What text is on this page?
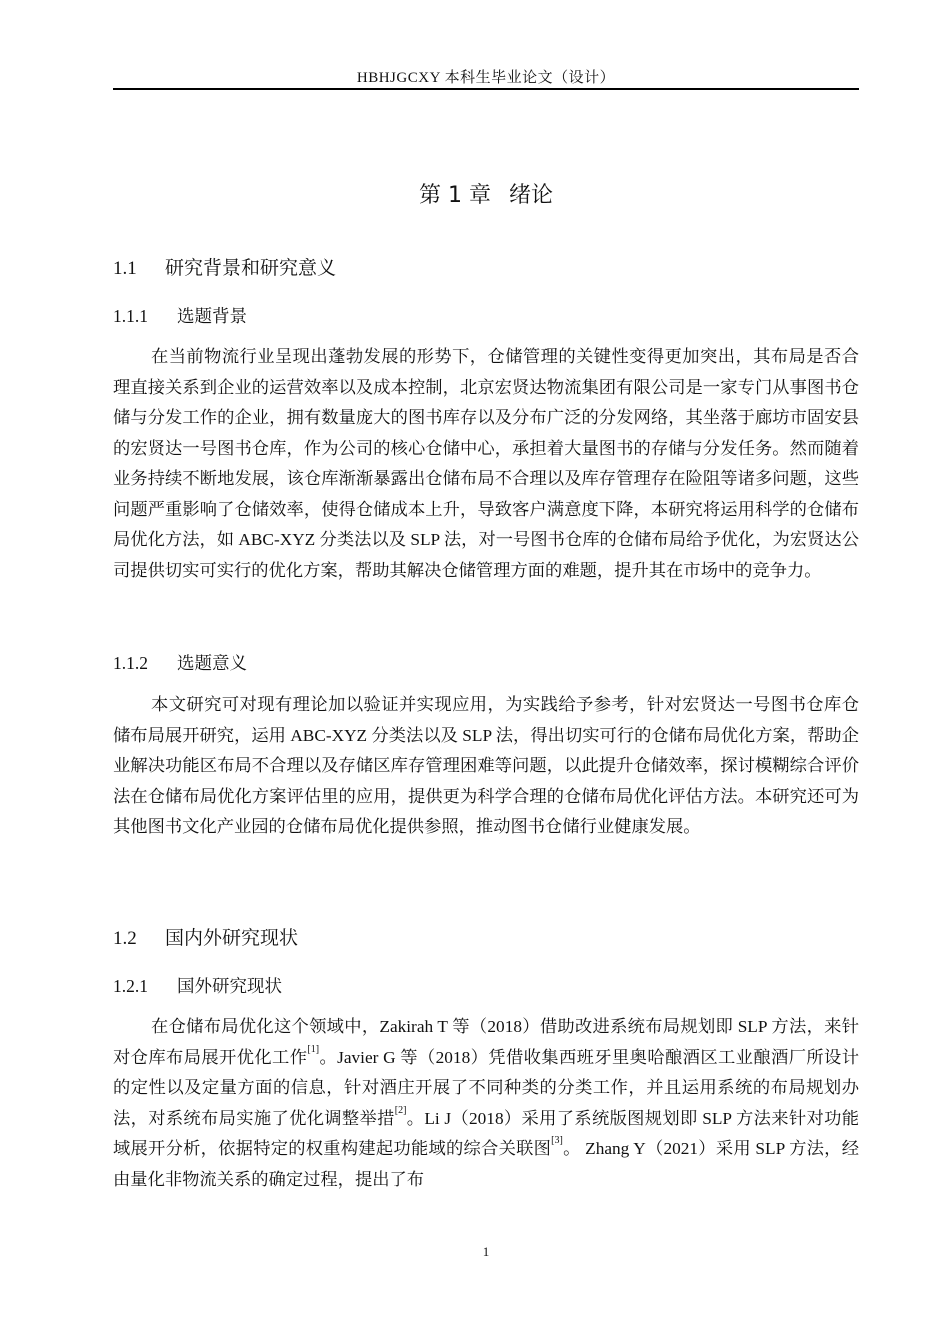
HBHJGCXY 本科生毕业论文（设计）
第 1 章 绪论
1.1 研究背景和研究意义
1.1.1 选题背景
在当前物流行业呈现出蓬勃发展的形势下，仓储管理的关键性变得更加突出，其布局是否合理直接关系到企业的运营效率以及成本控制，北京宏贤达物流集团有限公司是一家专门从事图书仓储与分发工作的企业，拥有数量庞大的图书库存以及分布广泛的分发网络，其坐落于廊坊市固安县的宏贤达一号图书仓库，作为公司的核心仓储中心，承担着大量图书的存储与分发任务。然而随着业务持续不断地发展，该仓库渐渐暴露出仓储布局不合理以及库存管理存在险阻等诸多问题，这些问题严重影响了仓储效率，使得仓储成本上升，导致客户满意度下降，本研究将运用科学的仓储布局优化方法，如 ABC-XYZ 分类法以及 SLP 法，对一号图书仓库的仓储布局给予优化，为宏贤达公司提供切实可实行的优化方案，帮助其解决仓储管理方面的难题，提升其在市场中的竞争力。
1.1.2 选题意义
本文研究可对现有理论加以验证并实现应用，为实践给予参考，针对宏贤达一号图书仓库仓储布局展开研究，运用 ABC-XYZ 分类法以及 SLP 法，得出切实可行的仓储布局优化方案，帮助企业解决功能区布局不合理以及存储区库存管理困难等问题，以此提升仓储效率，探讨模糊综合评价法在仓储布局优化方案评估里的应用，提供更为科学合理的仓储布局优化评估方法。本研究还可为其他图书文化产业园的仓储布局优化提供参照，推动图书仓储行业健康发展。
1.2 国内外研究现状
1.2.1 国外研究现状
在仓储布局优化这个领域中，Zakirah T 等（2018）借助改进系统布局规划即 SLP 方法，来针对仓库布局展开优化工作[1]。Javier G 等（2018）凭借收集西班牙里奥哈酿酒区工业酿酒厂所设计的定性以及定量方面的信息，针对酒庄开展了不同种类的分类工作，并且运用系统的布局规划办法，对系统布局实施了优化调整举措[2]。Li J（2018）采用了系统版图规划即 SLP 方法来针对功能域展开分析，依据特定的权重构建起功能域的综合关联图[3]。 Zhang Y（2021）采用 SLP 方法，经由量化非物流关系的确定过程，提出了布
1
